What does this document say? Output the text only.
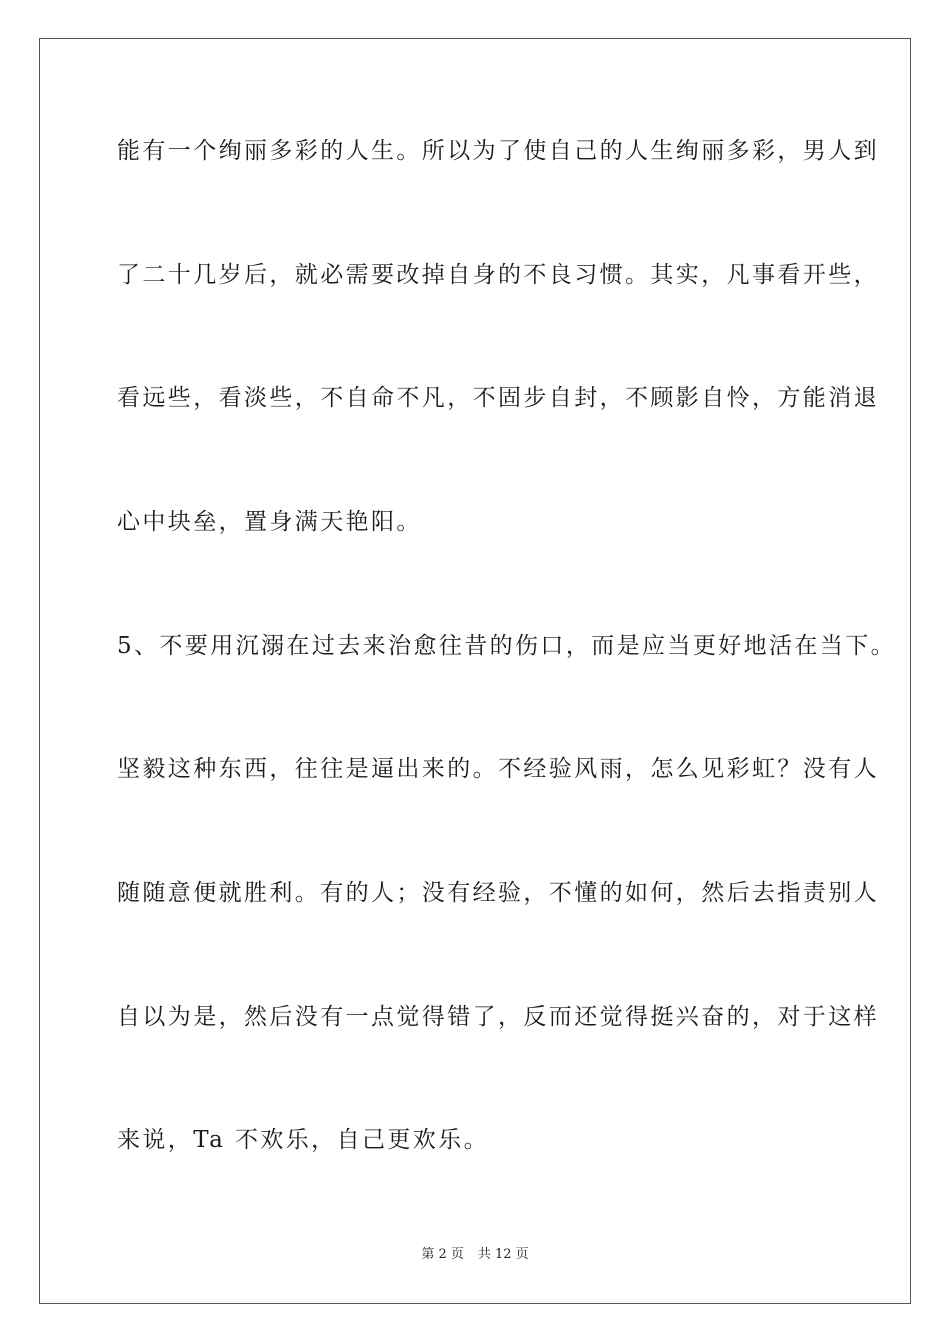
能有一个绚丽多彩的人生。所以为了使自己的人生绚丽多彩，男人到

了二十几岁后，就必需要改掉自身的不良习惯。其实，凡事看开些，

看远些，看淡些，不自命不凡，不固步自封，不顾影自怜，方能消退

心中块垒，置身满天艳阳。

5、不要用沉溺在过去来治愈往昔的伤口，而是应当更好地活在当下。

坚毅这种东西，往往是逼出来的。不经验风雨，怎么见彩虹？没有人

随随意便就胜利。有的人；没有经验，不懂的如何，然后去指责别人

自以为是，然后没有一点觉得错了，反而还觉得挺兴奋的，对于这样

来说，Ta 不欢乐，自己更欢乐。

第 2 页 共 12 页
